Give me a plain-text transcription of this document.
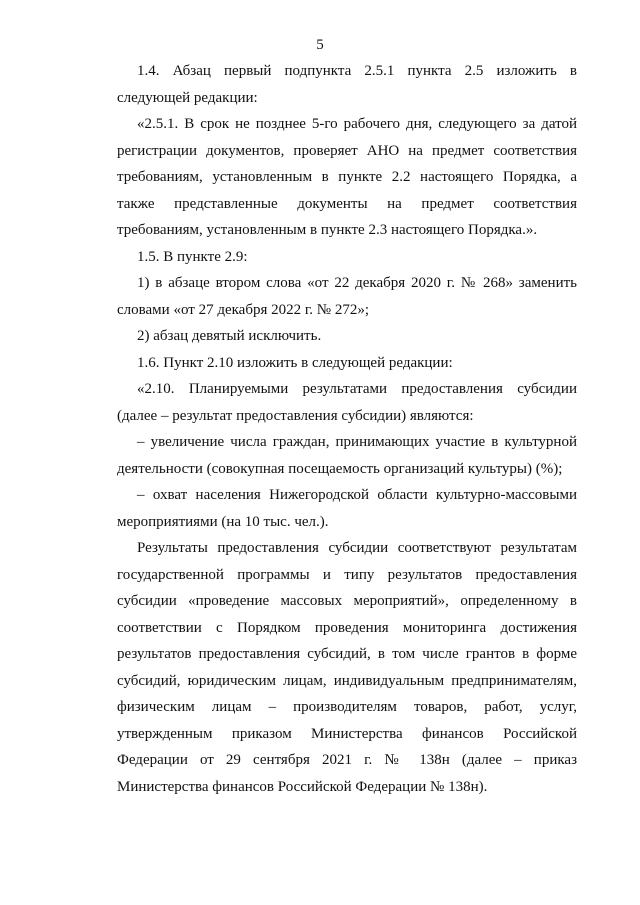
5

1.4. Абзац первый подпункта 2.5.1 пункта 2.5 изложить в следующей редакции:

«2.5.1. В срок не позднее 5-го рабочего дня, следующего за датой регистрации документов, проверяет АНО на предмет соответствия требованиям, установленным в пункте 2.2 настоящего Порядка, а также представленные документы на предмет соответствия требованиям, установленным в пункте 2.3 настоящего Порядка.».

1.5. В пункте 2.9:

1) в абзаце втором слова «от 22 декабря 2020 г. № 268» заменить словами «от 27 декабря 2022 г. № 272»;

2) абзац девятый исключить.

1.6. Пункт 2.10 изложить в следующей редакции:

«2.10. Планируемыми результатами предоставления субсидии (далее – результат предоставления субсидии) являются:

– увеличение числа граждан, принимающих участие в культурной деятельности (совокупная посещаемость организаций культуры) (%);

– охват населения Нижегородской области культурно-массовыми мероприятиями (на 10 тыс. чел.).

Результаты предоставления субсидии соответствуют результатам государственной программы и типу результатов предоставления субсидии «проведение массовых мероприятий», определенному в соответствии с Порядком проведения мониторинга достижения результатов предоставления субсидий, в том числе грантов в форме субсидий, юридическим лицам, индивидуальным предпринимателям, физическим лицам – производителям товаров, работ, услуг, утвержденным приказом Министерства финансов Российской Федерации от 29 сентября 2021 г. № 138н (далее – приказ Министерства финансов Российской Федерации № 138н).
